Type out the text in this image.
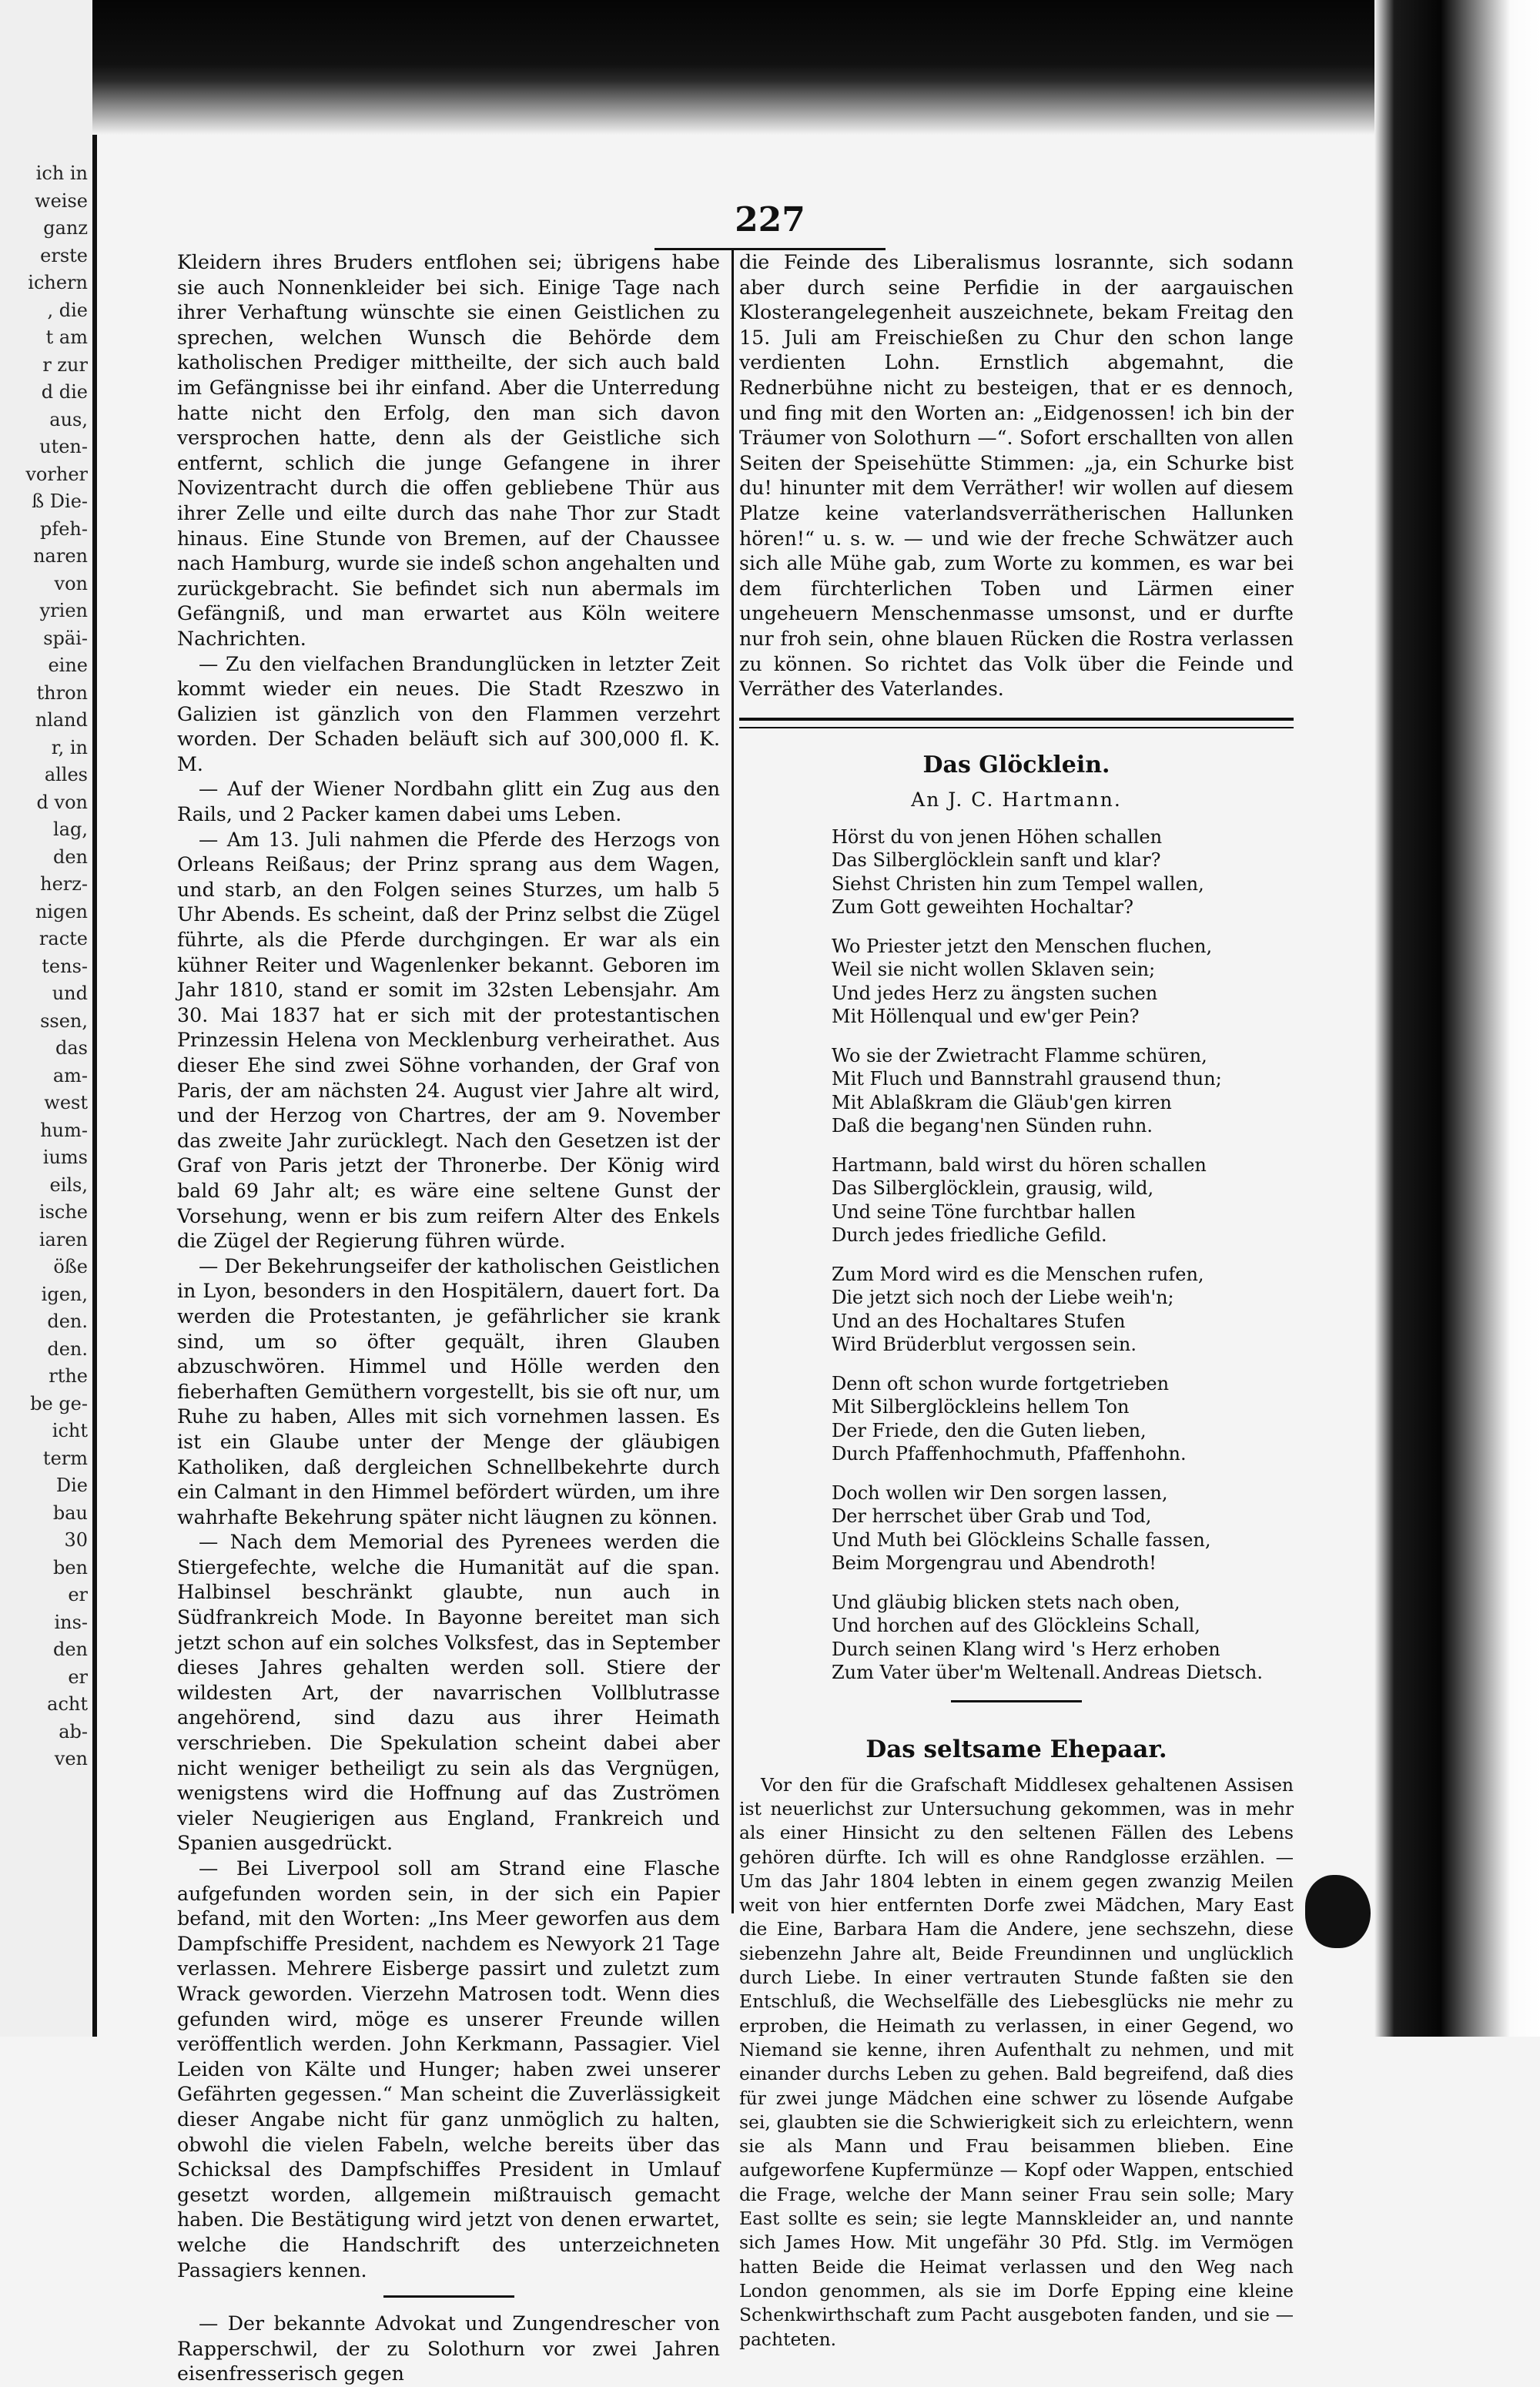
ich in
weise
ganz
erste
ichern
, die
t am
r zur
d die
aus,
uten-
vorher
ß Die-
pfeh-
naren
von
yrien
späi-
eine
thron
nland
r, in
alles
d von
lag,
den
herz-
nigen
racte
tens-
und
ssen,
das
am-
west
hum-
iums
eils,
ische
iaren
öße
igen,
den.
den.
rthe
be ge-
icht
term
Die
bau
30
ben
er
ins-
den
er
acht
ab-
ven
227

Kleidern ihres Bruders entflohen sei; übrigens habe sie auch Nonnenkleider bei sich. Einige Tage nach ihrer Verhaftung wünschte sie einen Geistlichen zu sprechen, welchen Wunsch die Behörde dem katholischen Prediger mittheilte, der sich auch bald im Gefängnisse bei ihr einfand. Aber die Unterredung hatte nicht den Erfolg, den man sich davon versprochen hatte, denn als der Geistliche sich entfernt, schlich die junge Gefangene in ihrer Novizentracht durch die offen gebliebene Thür aus ihrer Zelle und eilte durch das nahe Thor zur Stadt hinaus. Eine Stunde von Bremen, auf der Chaussee nach Hamburg, wurde sie indeß schon angehalten und zurückgebracht. Sie befindet sich nun abermals im Gefängniß, und man erwartet aus Köln weitere Nachrichten.

— Zu den vielfachen Brandunglücken in letzter Zeit kommt wieder ein neues. Die Stadt Rzeszwo in Galizien ist gänzlich von den Flammen verzehrt worden. Der Schaden beläuft sich auf 300,000 fl. K. M.

— Auf der Wiener Nordbahn glitt ein Zug aus den Rails, und 2 Packer kamen dabei ums Leben.

— Am 13. Juli nahmen die Pferde des Herzogs von Orleans Reißaus; der Prinz sprang aus dem Wagen, und starb, an den Folgen seines Sturzes, um halb 5 Uhr Abends. Es scheint, daß der Prinz selbst die Zügel führte, als die Pferde durchgingen. Er war als ein kühner Reiter und Wagenlenker bekannt. Geboren im Jahr 1810, stand er somit im 32sten Lebensjahr. Am 30. Mai 1837 hat er sich mit der protestantischen Prinzessin Helena von Mecklenburg verheirathet. Aus dieser Ehe sind zwei Söhne vorhanden, der Graf von Paris, der am nächsten 24. August vier Jahre alt wird, und der Herzog von Chartres, der am 9. November das zweite Jahr zurücklegt. Nach den Gesetzen ist der Graf von Paris jetzt der Thronerbe. Der König wird bald 69 Jahr alt; es wäre eine seltene Gunst der Vorsehung, wenn er bis zum reifern Alter des Enkels die Zügel der Regierung führen würde.

— Der Bekehrungseifer der katholischen Geistlichen in Lyon, besonders in den Hospitälern, dauert fort. Da werden die Protestanten, je gefährlicher sie krank sind, um so öfter gequält, ihren Glauben abzuschwören. Himmel und Hölle werden den fieberhaften Gemüthern vorgestellt, bis sie oft nur, um Ruhe zu haben, Alles mit sich vornehmen lassen. Es ist ein Glaube unter der Menge der gläubigen Katholiken, daß dergleichen Schnellbekehrte durch ein Calmant in den Himmel befördert würden, um ihre wahrhafte Bekehrung später nicht läugnen zu können.

— Nach dem Memorial des Pyrenees werden die Stiergefechte, welche die Humanität auf die span. Halbinsel beschränkt glaubte, nun auch in Südfrankreich Mode. In Bayonne bereitet man sich jetzt schon auf ein solches Volksfest, das in September dieses Jahres gehalten werden soll. Stiere der wildesten Art, der navarrischen Vollblutrasse angehörend, sind dazu aus ihrer Heimath verschrieben. Die Spekulation scheint dabei aber nicht weniger betheiligt zu sein als das Vergnügen, wenigstens wird die Hoffnung auf das Zuströmen vieler Neugierigen aus England, Frankreich und Spanien ausgedrückt.

— Bei Liverpool soll am Strand eine Flasche aufgefunden worden sein, in der sich ein Papier befand, mit den Worten: „Ins Meer geworfen aus dem Dampfschiffe President, nachdem es Newyork 21 Tage verlassen. Mehrere Eisberge passirt und zuletzt zum Wrack geworden. Vierzehn Matrosen todt. Wenn dies gefunden wird, möge es unserer Freunde willen veröffentlich werden. John Kerkmann, Passagier. Viel Leiden von Kälte und Hunger; haben zwei unserer Gefährten gegessen.“ Man scheint die Zuverlässigkeit dieser Angabe nicht für ganz unmöglich zu halten, obwohl die vielen Fabeln, welche bereits über das Schicksal des Dampfschiffes President in Umlauf gesetzt worden, allgemein mißtrauisch gemacht haben. Die Bestätigung wird jetzt von denen erwartet, welche die Handschrift des unterzeichneten Passagiers kennen.

— Der bekannte Advokat und Zungendrescher von Rapperschwil, der zu Solothurn vor zwei Jahren eisenfresserisch gegen

die Feinde des Liberalismus losrannte, sich sodann aber durch seine Perfidie in der aargauischen Klosterangelegenheit auszeichnete, bekam Freitag den 15. Juli am Freischießen zu Chur den schon lange verdienten Lohn. Ernstlich abgemahnt, die Rednerbühne nicht zu besteigen, that er es dennoch, und fing mit den Worten an: „Eidgenossen! ich bin der Träumer von Solothurn —“. Sofort erschallten von allen Seiten der Speisehütte Stimmen: „ja, ein Schurke bist du! hinunter mit dem Verräther! wir wollen auf diesem Platze keine vaterlandsverrätherischen Hallunken hören!“ u. s. w. — und wie der freche Schwätzer auch sich alle Mühe gab, zum Worte zu kommen, es war bei dem fürchterlichen Toben und Lärmen einer ungeheuern Menschenmasse umsonst, und er durfte nur froh sein, ohne blauen Rücken die Rostra verlassen zu können. So richtet das Volk über die Feinde und Verräther des Vaterlandes.

Das Glöcklein.
An J. C. Hartmann.
Hörst du von jenen Höhen schallen
Das Silberglöcklein sanft und klar?
Siehst Christen hin zum Tempel wallen,
Zum Gott geweihten Hochaltar?
Wo Priester jetzt den Menschen fluchen,
Weil sie nicht wollen Sklaven sein;
Und jedes Herz zu ängsten suchen
Mit Höllenqual und ew'ger Pein?
Wo sie der Zwietracht Flamme schüren,
Mit Fluch und Bannstrahl grausend thun;
Mit Ablaßkram die Gläub'gen kirren
Daß die begang'nen Sünden ruhn.
Hartmann, bald wirst du hören schallen
Das Silberglöcklein, grausig, wild,
Und seine Töne furchtbar hallen
Durch jedes friedliche Gefild.
Zum Mord wird es die Menschen rufen,
Die jetzt sich noch der Liebe weih'n;
Und an des Hochaltares Stufen
Wird Brüderblut vergossen sein.
Denn oft schon wurde fortgetrieben
Mit Silberglöckleins hellem Ton
Der Friede, den die Guten lieben,
Durch Pfaffenhochmuth, Pfaffenhohn.
Doch wollen wir Den sorgen lassen,
Der herrschet über Grab und Tod,
Und Muth bei Glöckleins Schalle fassen,
Beim Morgengrau und Abendroth!
Und gläubig blicken stets nach oben,
Und horchen auf des Glöckleins Schall,
Durch seinen Klang wird 's Herz erhoben
Zum Vater über'm Weltenall. Andreas Dietsch.
Das seltsame Ehepaar.

Vor den für die Grafschaft Middlesex gehaltenen Assisen ist neuerlichst zur Untersuchung gekommen, was in mehr als einer Hinsicht zu den seltenen Fällen des Lebens gehören dürfte. Ich will es ohne Randglosse erzählen. — Um das Jahr 1804 lebten in einem gegen zwanzig Meilen weit von hier entfernten Dorfe zwei Mädchen, Mary East die Eine, Barbara Ham die Andere, jene sechszehn, diese siebenzehn Jahre alt, Beide Freundinnen und unglücklich durch Liebe. In einer vertrauten Stunde faßten sie den Entschluß, die Wechselfälle des Liebesglücks nie mehr zu erproben, die Heimath zu verlassen, in einer Gegend, wo Niemand sie kenne, ihren Aufenthalt zu nehmen, und mit einander durchs Leben zu gehen. Bald begreifend, daß dies für zwei junge Mädchen eine schwer zu lösende Aufgabe sei, glaubten sie die Schwierigkeit sich zu erleichtern, wenn sie als Mann und Frau beisammen blieben. Eine aufgeworfene Kupfermünze — Kopf oder Wappen, entschied die Frage, welche der Mann seiner Frau sein solle; Mary East sollte es sein; sie legte Mannskleider an, und nannte sich James How. Mit ungefähr 30 Pfd. Stlg. im Vermögen hatten Beide die Heimat verlassen und den Weg nach London genommen, als sie im Dorfe Epping eine kleine Schenkwirthschaft zum Pacht ausgeboten fanden, und sie — pachteten.
